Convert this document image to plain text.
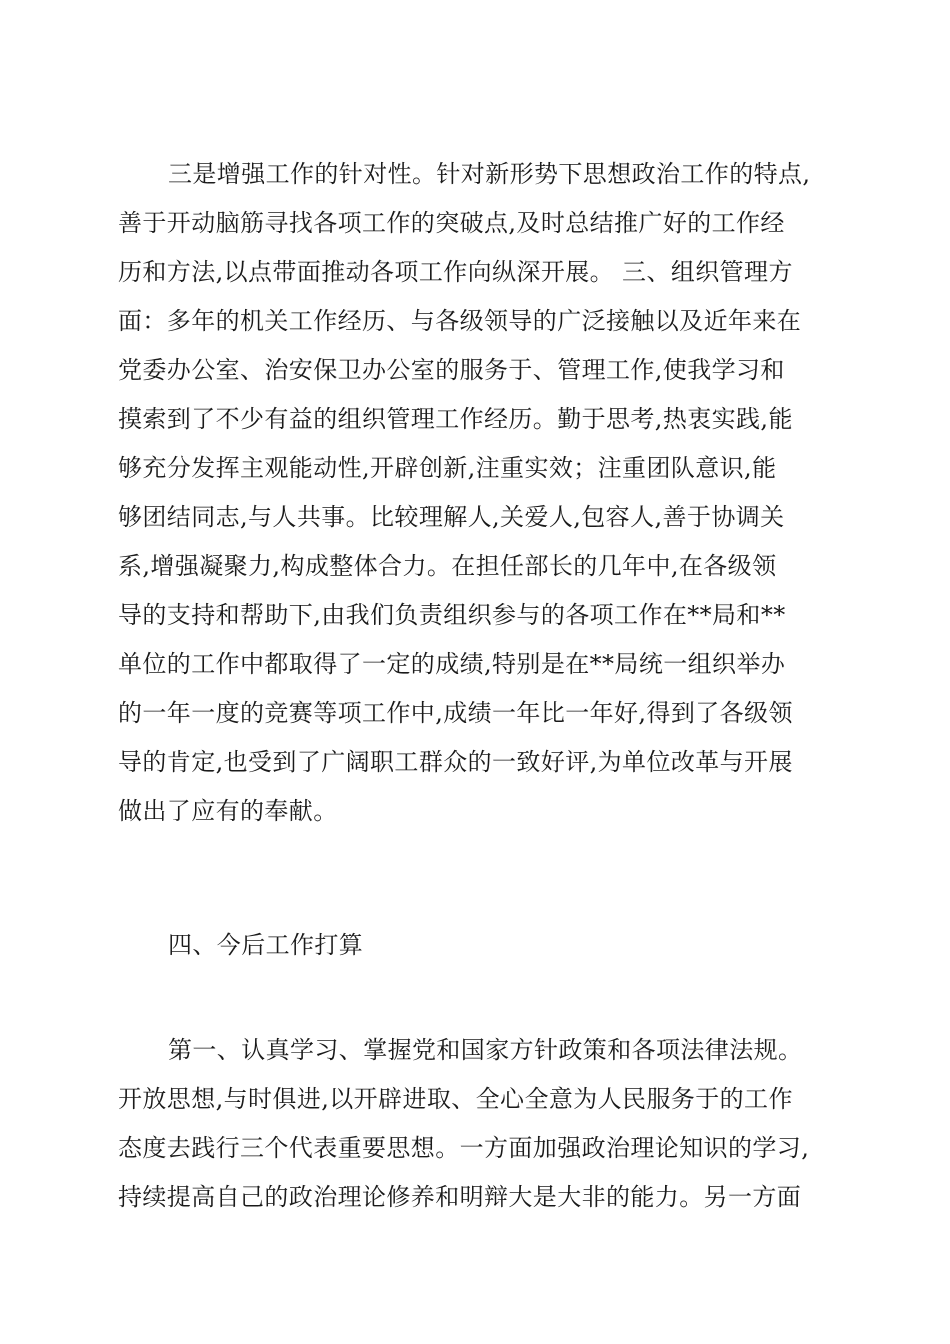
三是增强工作的针对性。针对新形势下思想政治工作的特点,
善于开动脑筋寻找各项工作的突破点,及时总结推广好的工作经
历和方法,以点带面推动各项工作向纵深开展。 三、组织管理方
面：多年的机关工作经历、与各级领导的广泛接触以及近年来在
党委办公室、治安保卫办公室的服务于、管理工作,使我学习和
摸索到了不少有益的组织管理工作经历。勤于思考,热衷实践,能
够充分发挥主观能动性,开辟创新,注重实效；注重团队意识,能
够团结同志,与人共事。比较理解人,关爱人,包容人,善于协调关
系,增强凝聚力,构成整体合力。在担任部长的几年中,在各级领
导的支持和帮助下,由我们负责组织参与的各项工作在**局和**
单位的工作中都取得了一定的成绩,特别是在**局统一组织举办
的一年一度的竞赛等项工作中,成绩一年比一年好,得到了各级领
导的肯定,也受到了广阔职工群众的一致好评,为单位改革与开展
做出了应有的奉献。
四、今后工作打算
第一、认真学习、掌握党和国家方针政策和各项法律法规。
开放思想,与时俱进,以开辟进取、全心全意为人民服务于的工作
态度去践行三个代表重要思想。一方面加强政治理论知识的学习,
持续提高自己的政治理论修养和明辩大是大非的能力。另一方面
